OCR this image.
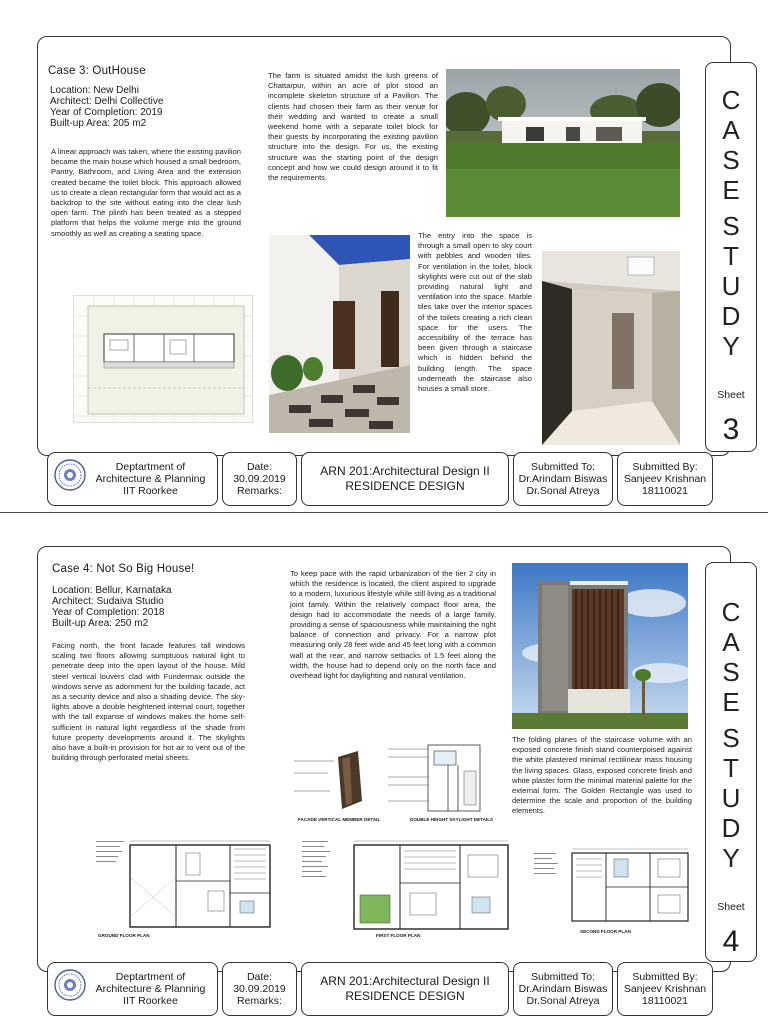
Case 3: OutHouse
Location: New Delhi
Architect: Delhi Collective
Year of Completion: 2019
Built-up Area: 205 m2
A linear approach was taken, where the existing pavilion became the main house which housed a small bedroom, Pantry, Bathroom, and Living Area and the extension created became the toilet block. This approach allowed us to create a clean rectangular form that would act as a backdrop to the site without eating into the clear lush open farm. The plinth has been treated as a stepped platform that helps the volume merge into the ground smoothly as well as creating a seating space.
The farm is situated amidst the lush greens of Chattarpur, within an acre of plot stood an incomplete skeleton structure of a Pavilion. The clients had chosen their farm as their venue for their wedding and wanted to create a small weekend home with a separate toilet block for their guests by incorporating the existing pavilion structure into the design. For us, the existing structure was the starting point of the design concept and how we could design around it to fit the requirements.
The entry into the space is through a small open to sky court with pebbles and wooden tiles. For ventilation in the toilet, block skylights were cut out of the slab providing natural light and ventilation into the space. Marble tiles take over the interior spaces of the toilets creating a rich clean space for the users. The accessibility of the terrace has been given through a staircase which is hidden behind the building length. The space underneath the staircase also houses a small store.
C
A
S
E
S
T
U
D
Y
Sheet
3
Deptartment of
Architecture & Planning
IIT Roorkee
Date:
30.09.2019
Remarks:
ARN 201:Architectural Design II
RESIDENCE DESIGN
Submitted To:
Dr.Arindam Biswas
Dr.Sonal Atreya
Submitted By:
Sanjeev Krishnan
18110021
Case 4: Not So Big House!
Location: Bellur, Karnataka
Architect: Sudaiva Studio
Year of Completion: 2018
Built-up Area: 250 m2
Facing north, the front facade features tall windows scaling two floors allowing sumptuous natural light to penetrate deep into the open layout of the house. Mild steel vertical louvers clad with Fundermax outside the windows serve as adornment for the building facade, act as a security device and also a shading device. The sky-lights above a double heightened internal court, together with the tall expanse of windows makes the home self-sufficient in natural light regardless of the shade from future property developments around it. The skylights also have a built-in provision for hot air to vent out of the building through perforated metal sheets.
To keep pace with the rapid urbanization of the tier 2 city in which the residence is located, the client aspired to upgrade to a modern, luxurious lifestyle while still living as a traditional joint family. Within the relatively compact floor area, the design had to accommodate the needs of a large family, providing a sense of spaciousness while maintaining the right balance of connection and privacy. For a narrow plot measuring only 28 feet wide and 45 feet long with a common wall at the rear, and narrow setbacks of 1.5 feet along the width, the house had to depend only on the north face and overhead light for daylighting and natural ventilation.
FACADE VERTICAL MEMBER DETAIL	DOUBLE HEIGHT SKYLIGHT DETAILS
The folding planes of the staircase volume with an exposed concrete finish stand counterpoised against the white plastered minimal rectilinear mass housing the living spaces. Glass, exposed concrete finish and white plaster form the minimal material palette for the external form. The Golden Rectangle was used to determine the scale and proportion of the building elements.
GROUND FLOOR PLAN	FIRST FLOOR PLAN
SECOND FLOOR PLAN
C
A
S
E
S
T
U
D
Y
Sheet
4
Deptartment of
Architecture & Planning
IIT Roorkee
Date:
30.09.2019
Remarks:
ARN 201:Architectural Design II
RESIDENCE DESIGN
Submitted To:
Dr.Arindam Biswas
Dr.Sonal Atreya
Submitted By:
Sanjeev Krishnan
18110021
